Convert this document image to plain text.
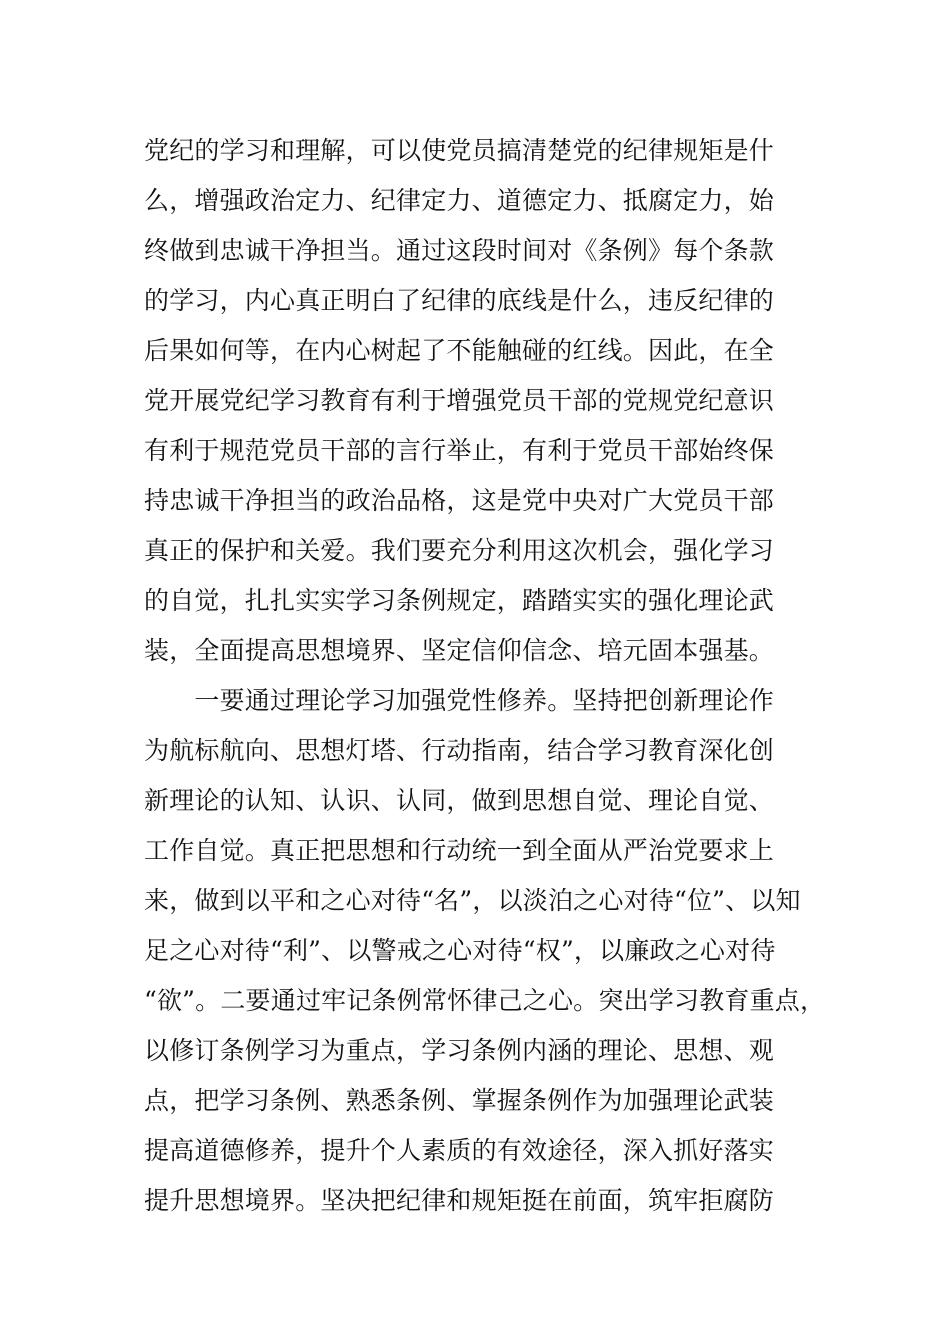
党纪的学习和理解，可以使党员搞清楚党的纪律规矩是什
么，增强政治定力、纪律定力、道德定力、抵腐定力，始
终做到忠诚干净担当。通过这段时间对《条例》每个条款
的学习，内心真正明白了纪律的底线是什么，违反纪律的
后果如何等，在内心树起了不能触碰的红线。因此，在全
党开展党纪学习教育有利于增强党员干部的党规党纪意识
有利于规范党员干部的言行举止，有利于党员干部始终保
持忠诚干净担当的政治品格，这是党中央对广大党员干部
真正的保护和关爱。我们要充分利用这次机会，强化学习
的自觉，扎扎实实学习条例规定，踏踏实实的强化理论武
装，全面提高思想境界、坚定信仰信念、培元固本强基。
　　一要通过理论学习加强党性修养。坚持把创新理论作
为航标航向、思想灯塔、行动指南，结合学习教育深化创
新理论的认知、认识、认同，做到思想自觉、理论自觉、
工作自觉。真正把思想和行动统一到全面从严治党要求上
来，做到以平和之心对待“名”，以淡泊之心对待“位”、以知
足之心对待“利”、以警戒之心对待“权”，以廉政之心对待
“欲”。二要通过牢记条例常怀律己之心。突出学习教育重点，
以修订条例学习为重点，学习条例内涵的理论、思想、观
点，把学习条例、熟悉条例、掌握条例作为加强理论武装
提高道德修养，提升个人素质的有效途径，深入抓好落实
提升思想境界。坚决把纪律和规矩挺在前面，筑牢拒腐防
